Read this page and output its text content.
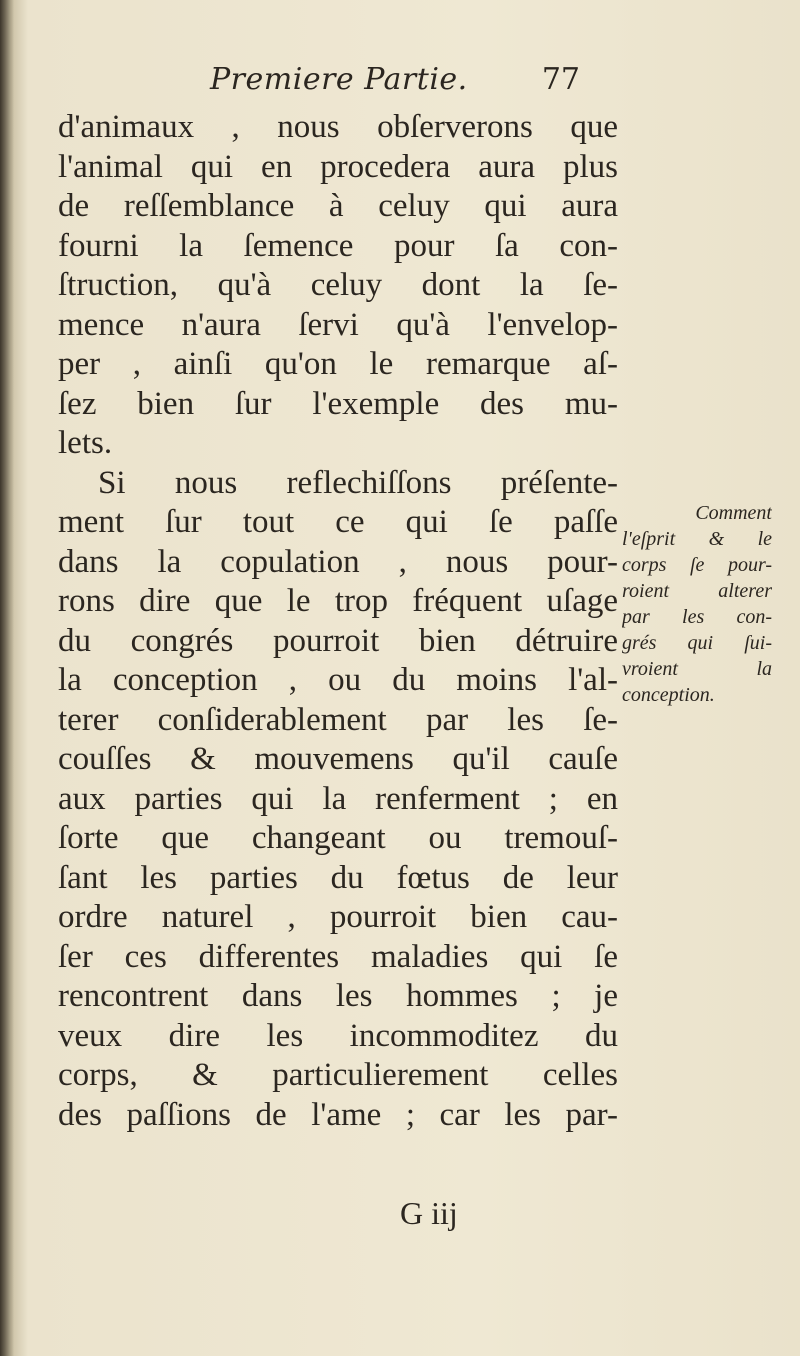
Premiere Partie. 77
d'animaux , nous obſerverons que
l'animal qui en procedera aura plus
de reſſemblance à celuy qui aura
fourni la ſemence pour ſa con-
ſtruction, qu'à celuy dont la ſe-
mence n'aura ſervi qu'à l'envelop-
per , ainſi qu'on le remarque aſ-
ſez bien ſur l'exemple des mu-
lets.
Si nous reflechiſſons préſente-
ment ſur tout ce qui ſe paſſe
dans la copulation , nous pour-
rons dire que le trop fréquent uſage
du congrés pourroit bien détruire
la conception , ou du moins l'al-
terer conſiderablement par les ſe-
couſſes & mouvemens qu'il cauſe
aux parties qui la renferment ; en
ſorte que changeant ou tremouſ-
ſant les parties du fœtus de leur
ordre naturel , pourroit bien cau-
ſer ces differentes maladies qui ſe
rencontrent dans les hommes ; je
veux dire les incommoditez du
corps, & particulierement celles
des paſſions de l'ame ; car les par-
Comment
l'eſprit & le
corps ſe pour-
roient alterer
par les con-
grés qui ſui-
vroient la
conception.
G iij
